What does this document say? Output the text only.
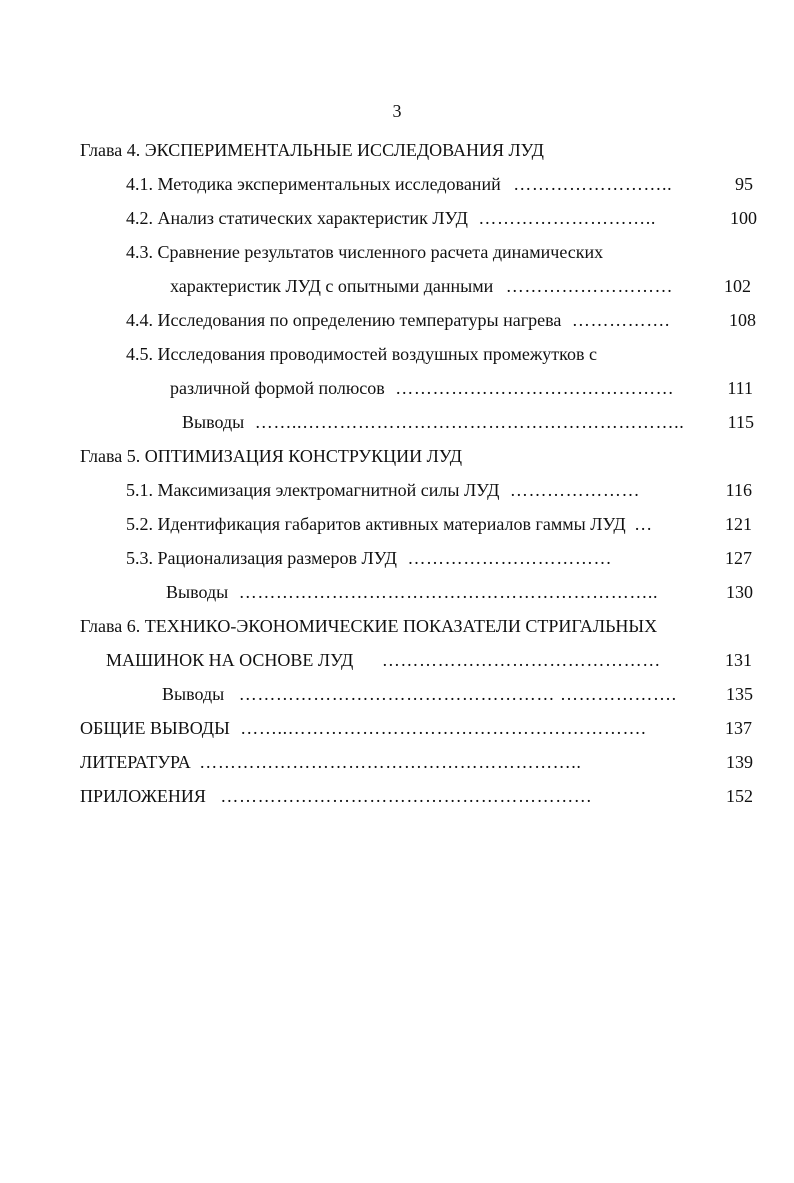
3
Глава 4. ЭКСПЕРИМЕНТАЛЬНЫЕ ИССЛЕДОВАНИЯ ЛУД
4.1. Методика экспериментальных исследований ……………………..	95
4.2. Анализ статических характеристик ЛУД ………………………..	100
4.3. Сравнение результатов численного расчета динамических
характеристик ЛУД с опытными данными ………………………	102
4.4. Исследования по определению температуры нагрева …………….	108
4.5. Исследования проводимостей воздушных промежутков с
различной формой полюсов ………………………………………	111
Выводы ……..……………………………………………………..	115
Глава 5. ОПТИМИЗАЦИЯ КОНСТРУКЦИИ ЛУД
5.1. Максимизация электромагнитной силы ЛУД …………………	116
5.2. Идентификация габаритов активных материалов гаммы ЛУД …	121
5.3. Рационализация размеров ЛУД ……………………………	127
Выводы …………………………………………………………..	130
Глава 6. ТЕХНИКО-ЭКОНОМИЧЕСКИЕ ПОКАЗАТЕЛИ СТРИГАЛЬНЫХ
МАШИНОК НА ОСНОВЕ ЛУД ………………………………………	131
Выводы …………………………………………… ……………….	135
ОБЩИЕ ВЫВОДЫ ……..………………………………………………….	137
ЛИТЕРАТУРА ……………………………………………………..	139
ПРИЛОЖЕНИЯ ……………………………………………………	152
